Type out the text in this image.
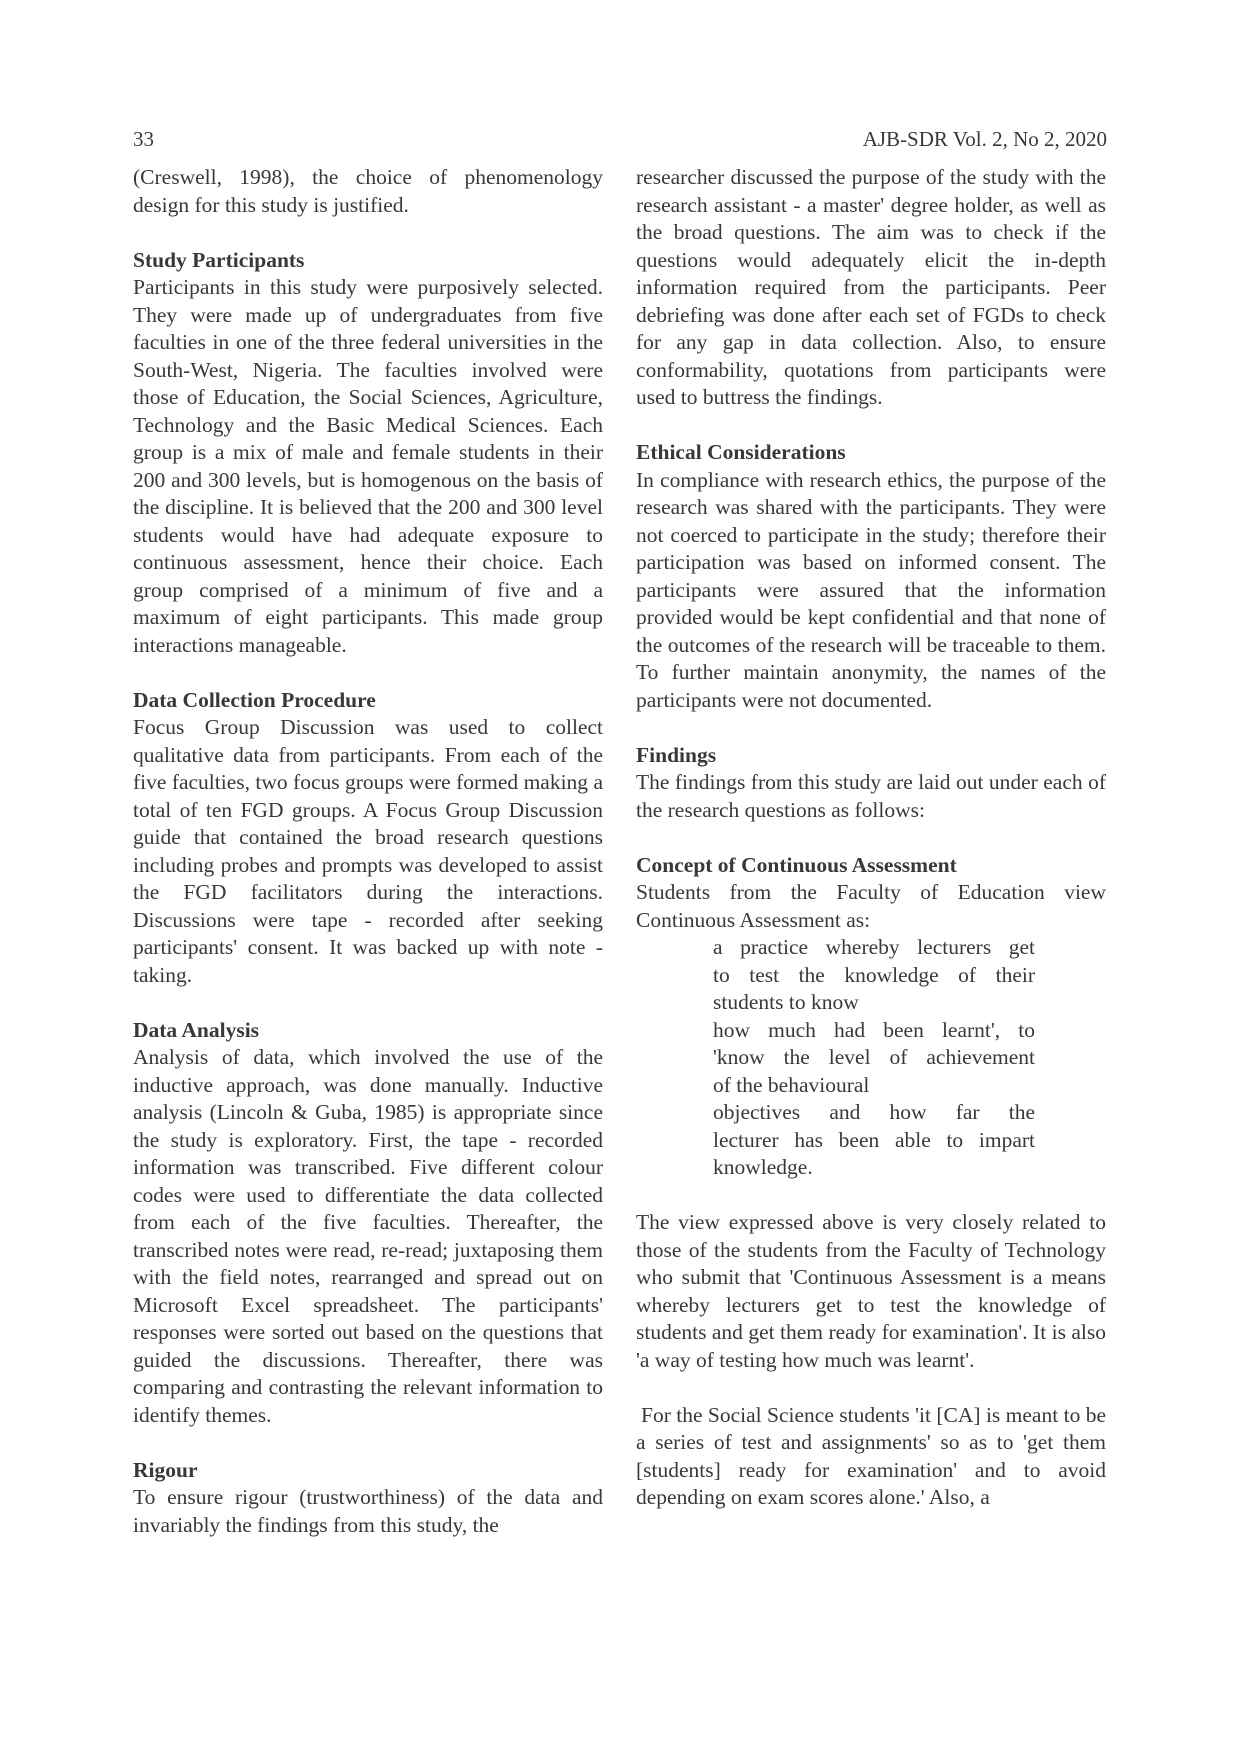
33	AJB-SDR Vol. 2, No 2, 2020

(Creswell, 1998), the choice of phenomenology design for this study is justified.

Study Participants

Participants in this study were purposively selected. They were made up of undergraduates from five faculties in one of the three federal universities in the South-West, Nigeria. The faculties involved were those of Education, the Social Sciences, Agriculture, Technology and the Basic Medical Sciences. Each group is a mix of male and female students in their 200 and 300 levels, but is homogenous on the basis of the discipline. It is believed that the 200 and 300 level students would have had adequate exposure to continuous assessment, hence their choice. Each group comprised of a minimum of five and a maximum of eight participants. This made group interactions manageable.

Data Collection Procedure

Focus Group Discussion was used to collect qualitative data from participants. From each of the five faculties, two focus groups were formed making a total of ten FGD groups. A Focus Group Discussion guide that contained the broad research questions including probes and prompts was developed to assist the FGD facilitators during the interactions. Discussions were tape - recorded after seeking participants' consent. It was backed up with note - taking.

Data Analysis

Analysis of data, which involved the use of the inductive approach, was done manually. Inductive analysis (Lincoln & Guba, 1985) is appropriate since the study is exploratory. First, the tape - recorded information was transcribed. Five different colour codes were used to differentiate the data collected from each of the five faculties. Thereafter, the transcribed notes were read, re-read; juxtaposing them with the field notes, rearranged and spread out on Microsoft Excel spreadsheet. The participants' responses were sorted out based on the questions that guided the discussions. Thereafter, there was comparing and contrasting the relevant information to identify themes.

Rigour

To ensure rigour (trustworthiness) of the data and invariably the findings from this study, the

researcher discussed the purpose of the study with the research assistant - a master' degree holder, as well as the broad questions. The aim was to check if the questions would adequately elicit the in-depth information required from the participants. Peer debriefing was done after each set of FGDs to check for any gap in data collection. Also, to ensure conformability, quotations from participants were used to buttress the findings.

Ethical Considerations

In compliance with research ethics, the purpose of the research was shared with the participants. They were not coerced to participate in the study; therefore their participation was based on informed consent. The participants were assured that the information provided would be kept confidential and that none of the outcomes of the research will be traceable to them. To further maintain anonymity, the names of the participants were not documented.

Findings

The findings from this study are laid out under each of the research questions as follows:

Concept of Continuous Assessment

Students from the Faculty of Education view Continuous Assessment as:

a practice whereby lecturers get
to test the knowledge of their
students to know
how much had been learnt', to
'know the level of achievement
of the behavioural
objectives and how far the
lecturer has been able to impart
knowledge.

The view expressed above is very closely related to those of the students from the Faculty of Technology who submit that 'Continuous Assessment is a means whereby lecturers get to test the knowledge of students and get them ready for examination'. It is also 'a way of testing how much was learnt'.

For the Social Science students 'it [CA] is meant to be a series of test and assignments' so as to 'get them [students] ready for examination' and to avoid depending on exam scores alone.' Also, a
